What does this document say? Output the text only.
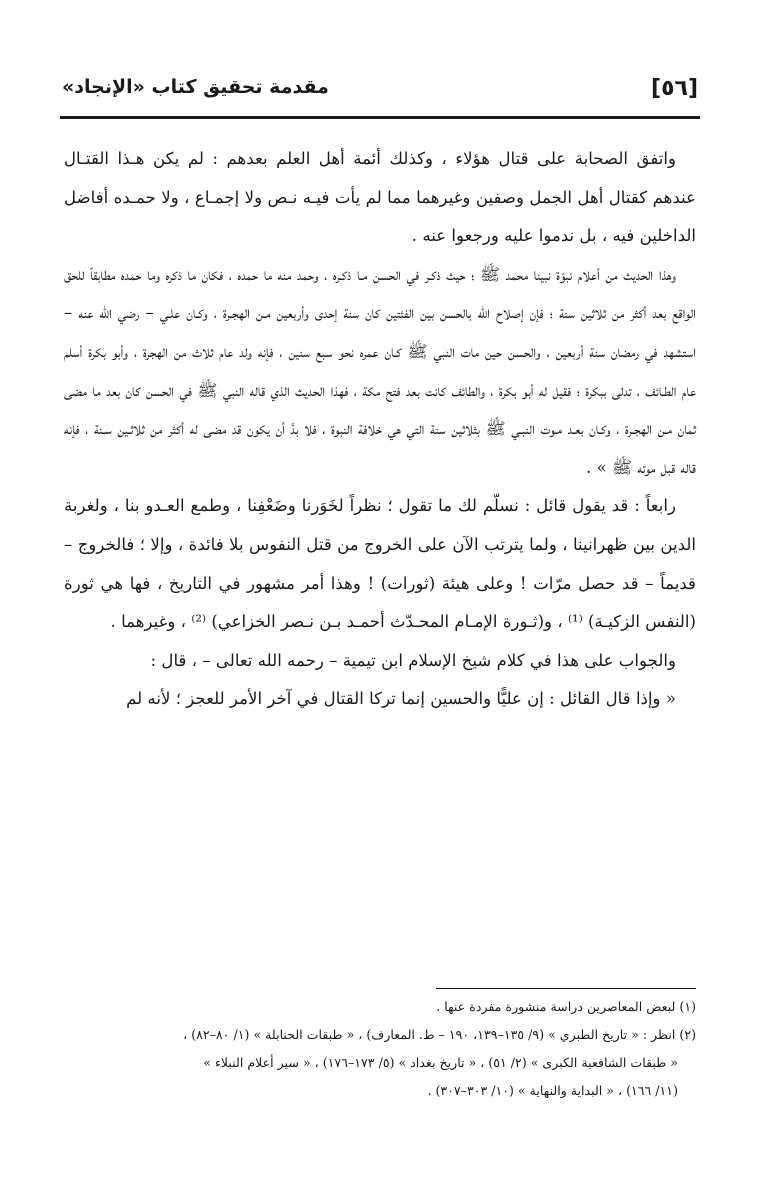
[٥٦]
مقدمة تحقيق كتاب «الإنجاد»

واتفق الصحابة على قتال هؤلاء ، وكذلك أئمة أهل العلم بعدهم : لم يكن هـذا القتـال عندهم كقتال أهل الجمل وصفين وغيرهما مما لم يأت فيـه نـص ولا إجمـاع ، ولا حمـده أفاضل الداخلين فيه ، بل ندموا عليه ورجعوا عنه .

وهذا الحديث من أعلام نبوّة نبينا محمد ﷺ ؛ حيث ذكـر في الحسن مـا ذكـره ، وحمد منه ما حمده ، فكان ما ذكره وما حمده مطابقاً للحق الواقع بعد أكثر من ثلاثين سنة ؛ فإن إصلاح الله بالحسن بين الفئتين كان سنة إحدى وأربعين مـن الهجـرة ، وكـان علـي – رضي الله عنه – استشهد في رمضان سنة أربعين ، والحسن حين مات النبي ﷺ كـان عمره نحو سبع سنين ، فإنه ولد عام ثلاث من الهجرة ، وأبو بكرة أسلم عام الطـائف ، تدلى ببكرة ؛ فقيل له أبو بكرة ، والطائف كانت بعد فتح مكة ، فهذا الحديث الذي قاله النبي ﷺ في الحسن كان بعد ما مضى ثمان مـن الهجـرة ، وكـان بعـد مـوت النبـي ﷺ بثلاثين سنة التي هي خلافة النبوة ، فلا بدَّ أن يكون قد مضى له أكثر من ثلاثـين سـنة ، فإنه قاله قبل موته ﷺ » .

رابعاً : قد يقول قائل : نسلّم لك ما تقول ؛ نظراً لخَوَرنا وضَعْفِنا ، وطمع العـدو بنا ، ولغربة الدين بين ظهرانينا ، ولما يترتب الآن على الخروج من قتل النفوس بلا فائدة ، وإلا ؛ فالخروج – قديماً – قد حصل مرّات ! وعلى هيئة (ثورات) ! وهذا أمر مشهور في التاريخ ، فها هي ثورة (النفس الزكيـة) ⁽¹⁾ ، و(ثـورة الإمـام المحـدّث أحمـد بـن نـصر الخزاعي) ⁽²⁾ ، وغيرهما .

والجواب على هذا في كلام شيخ الإسلام ابن تيمية – رحمه الله تعالى – ، قال :

« وإذا قال القائل : إن عليًّا والحسين إنما تركا القتال في آخر الأمر للعجز ؛ لأنه لم

(١) لبعض المعاصرين دراسة منشورة مفردة عنها .

(٢) انظر : « تاريخ الطبري » (٩/ ١٣٥–١٣٩، ١٩٠ – ط. المعارف) ، « طبقات الحنابلة » (١/ ٨٠–٨٢) ،

« طبقات الشافعية الكبرى » (٢/ ٥١) ، « تاريخ بغداد » (٥/ ١٧٣–١٧٦) ، « سير أعلام النبلاء »

(١١/ ١٦٦) ، « البداية والنهاية » (١٠/ ٣٠٣–٣٠٧) .
